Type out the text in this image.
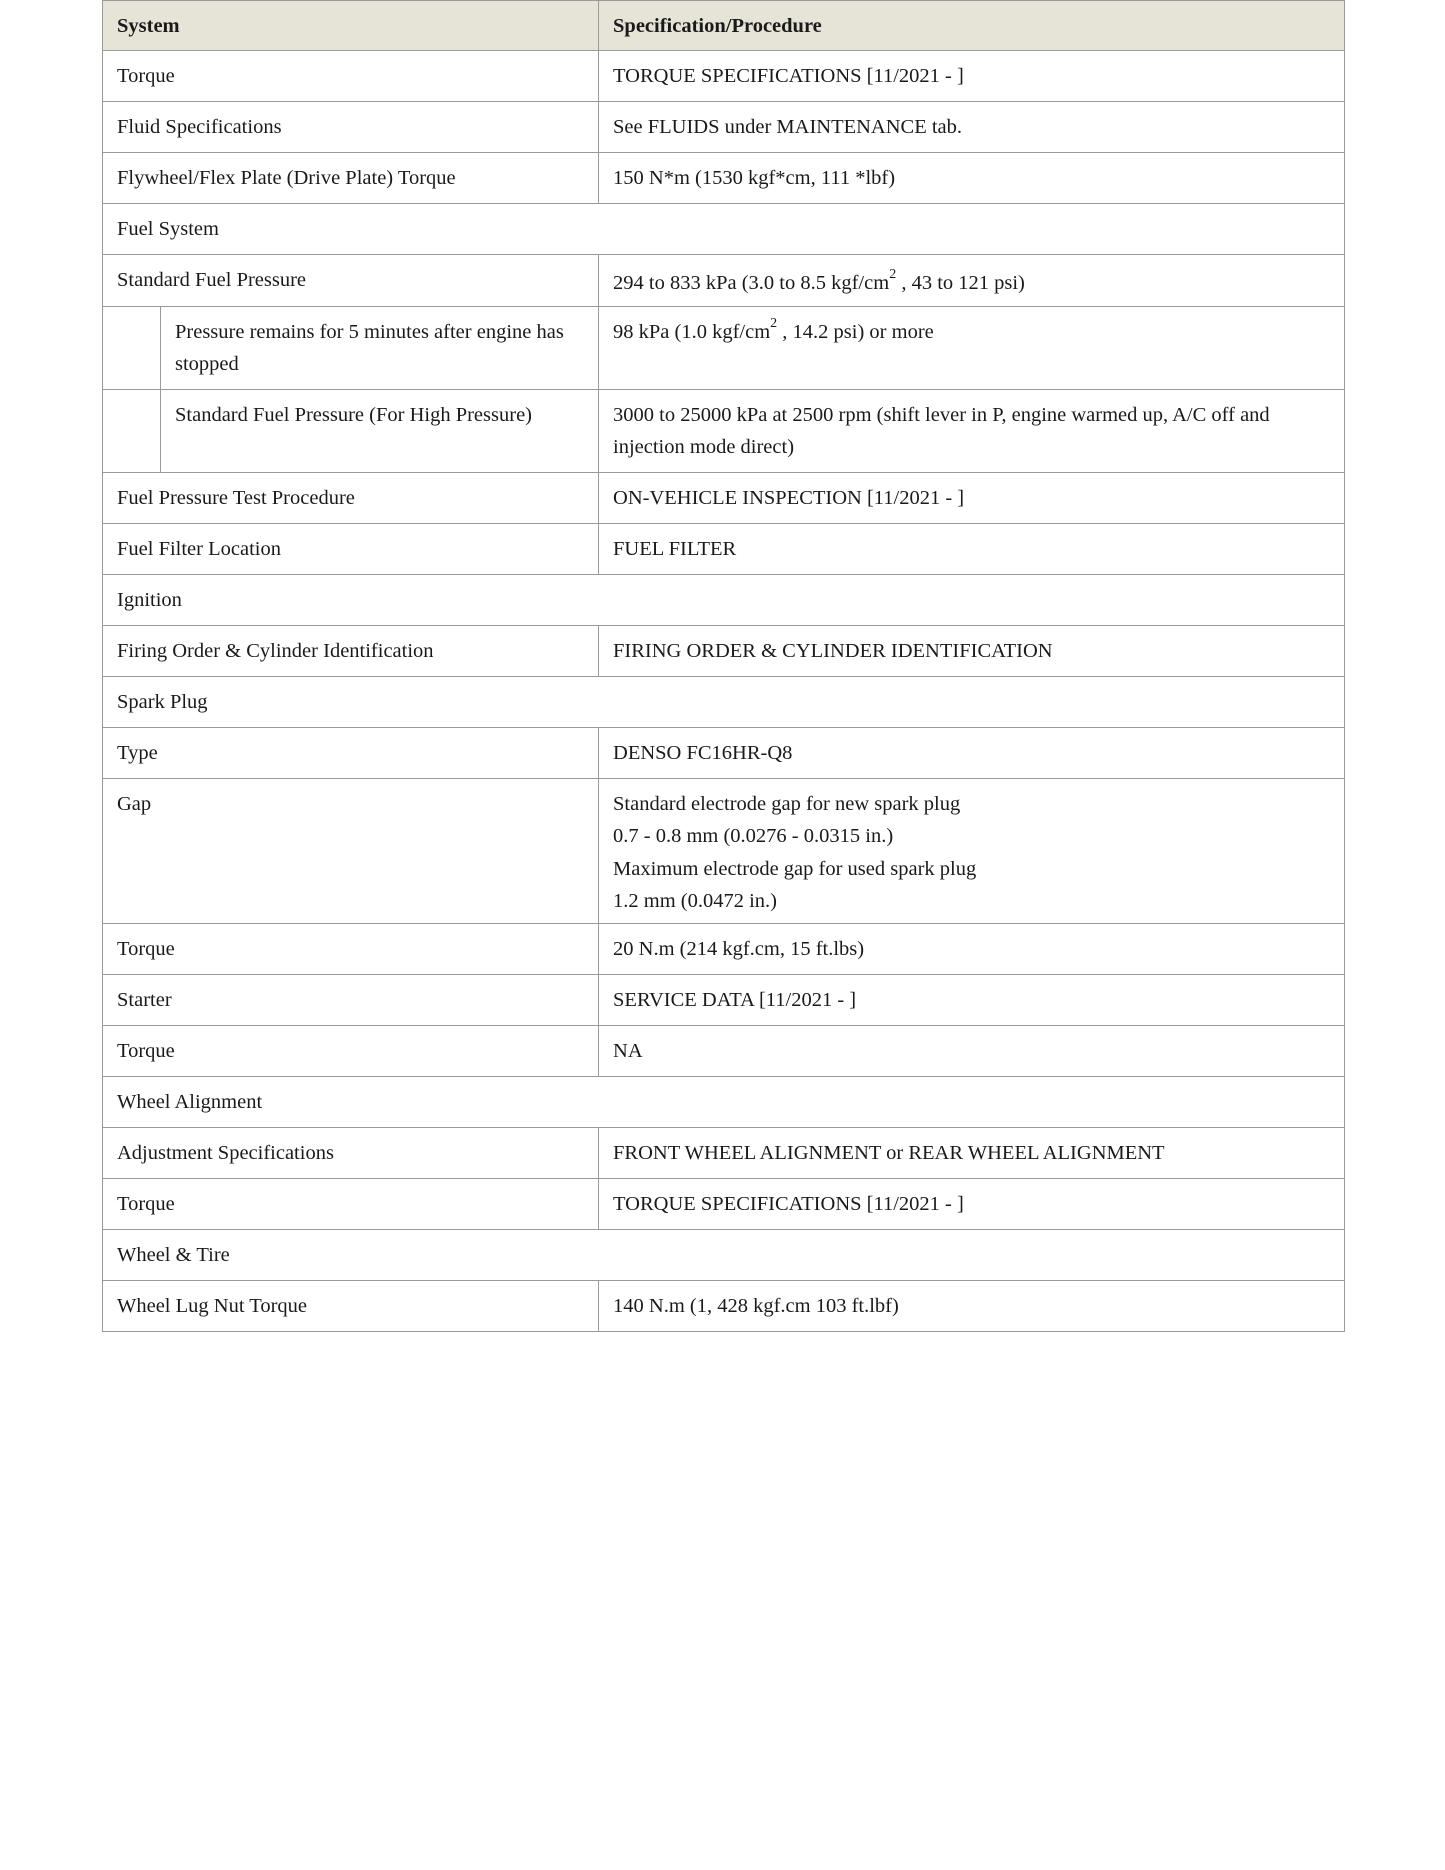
System		Specification/Procedure
Torque		TORQUE SPECIFICATIONS [11/2021 - ]
Fluid Specifications		See FLUIDS under MAINTENANCE tab.
Flywheel/Flex Plate (Drive Plate) Torque		150 N*m (1530 kgf*cm, 111 *lbf)
Fuel System		
Standard Fuel Pressure		294 to 833 kPa (3.0 to 8.5 kgf/$cm^2$ , 43 to 121 psi)
	Pressure remains for 5 minutes after engine has stopped	98 kPa (1.0 kgf/$cm^2$ , 14.2 psi) or more
	Standard Fuel Pressure (For High Pressure)	3000 to 25000 kPa at 2500 rpm (shift lever in P, engine warmed up, A/C off and injection mode direct)
Fuel Pressure Test Procedure		ON-VEHICLE INSPECTION [11/2021 - ]
Fuel Filter Location		FUEL FILTER
Ignition		
Firing Order & Cylinder Identification		FIRING ORDER & CYLINDER IDENTIFICATION
Spark Plug		
Type		DENSO FC16HR-Q8
Gap		Standard electrode gap for new spark plug
0.7 - 0.8 mm (0.0276 - 0.0315 in.)
Maximum electrode gap for used spark plug
1.2 mm (0.0472 in.)

Torque		20 N.m (214 kgf.cm, 15 ft.lbs)
Starter		SERVICE DATA [11/2021 - ]
Torque		NA
Wheel Alignment		
Adjustment Specifications		FRONT WHEEL ALIGNMENT or REAR WHEEL ALIGNMENT
Torque		TORQUE SPECIFICATIONS [11/2021 - ]
Wheel & Tire		
Wheel Lug Nut Torque		140 N.m (1, 428 kgf.cm 103 ft.lbf)
